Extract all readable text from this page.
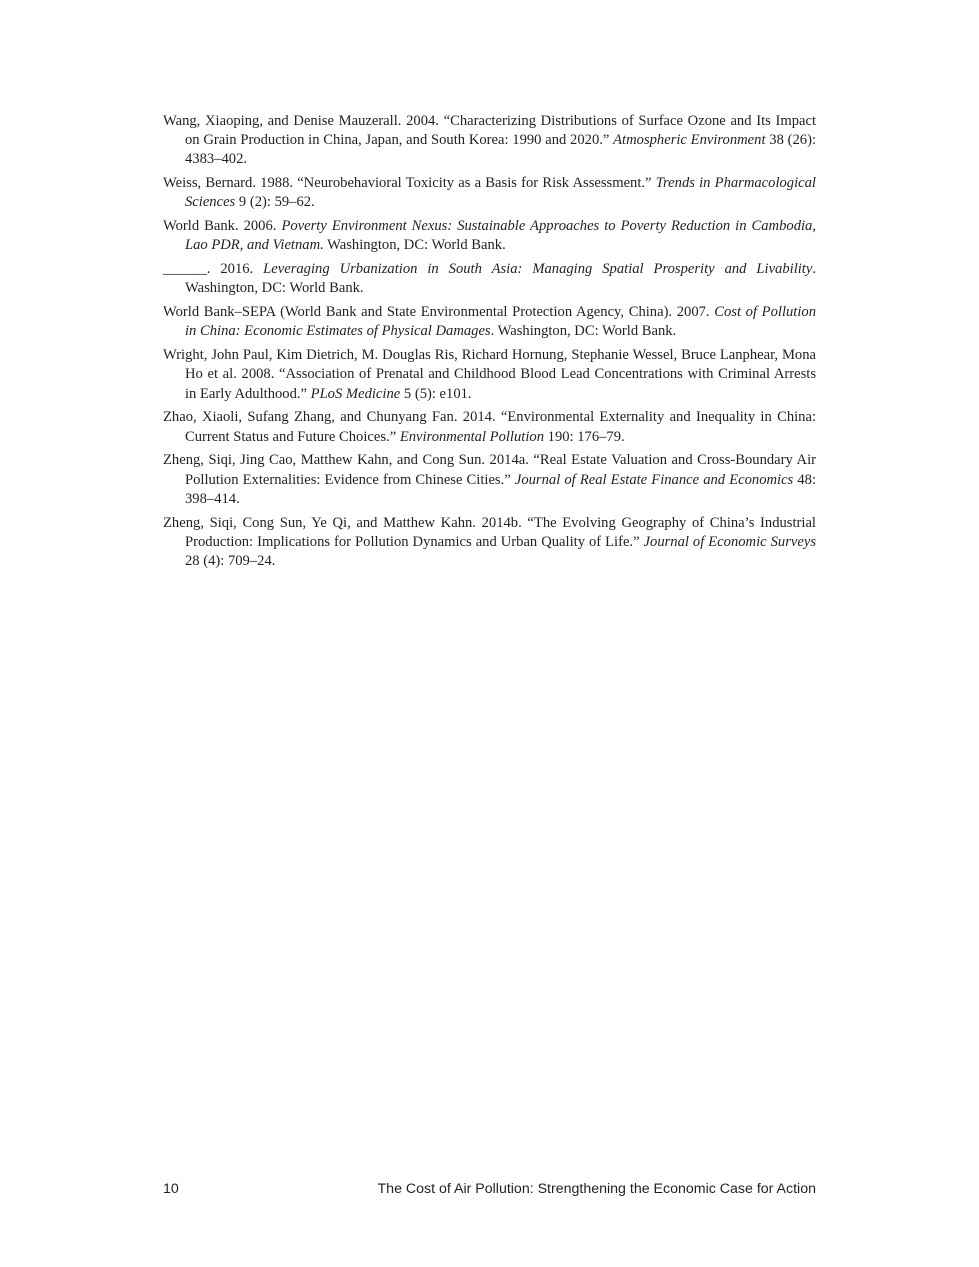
Wang, Xiaoping, and Denise Mauzerall. 2004. “Characterizing Distributions of Surface Ozone and Its Impact on Grain Production in China, Japan, and South Korea: 1990 and 2020.” Atmospheric Environment 38 (26): 4383–402.

Weiss, Bernard. 1988. “Neurobehavioral Toxicity as a Basis for Risk Assessment.” Trends in Pharmacological Sciences 9 (2): 59–62.

World Bank. 2006. Poverty Environment Nexus: Sustainable Approaches to Poverty Reduction in Cambodia, Lao PDR, and Vietnam. Washington, DC: World Bank.

______. 2016. Leveraging Urbanization in South Asia: Managing Spatial Prosperity and Livability. Washington, DC: World Bank.

World Bank–SEPA (World Bank and State Environmental Protection Agency, China). 2007. Cost of Pollution in China: Economic Estimates of Physical Damages. Washington, DC: World Bank.

Wright, John Paul, Kim Dietrich, M. Douglas Ris, Richard Hornung, Stephanie Wessel, Bruce Lanphear, Mona Ho et al. 2008. “Association of Prenatal and Childhood Blood Lead Concentrations with Criminal Arrests in Early Adulthood.” PLoS Medicine 5 (5): e101.

Zhao, Xiaoli, Sufang Zhang, and Chunyang Fan. 2014. “Environmental Externality and Inequality in China: Current Status and Future Choices.” Environmental Pollution 190: 176–79.

Zheng, Siqi, Jing Cao, Matthew Kahn, and Cong Sun. 2014a. “Real Estate Valuation and Cross-Boundary Air Pollution Externalities: Evidence from Chinese Cities.” Journal of Real Estate Finance and Economics 48: 398–414.

Zheng, Siqi, Cong Sun, Ye Qi, and Matthew Kahn. 2014b. “The Evolving Geography of China’s Industrial Production: Implications for Pollution Dynamics and Urban Quality of Life.” Journal of Economic Surveys 28 (4): 709–24.

10	The Cost of Air Pollution: Strengthening the Economic Case for Action
